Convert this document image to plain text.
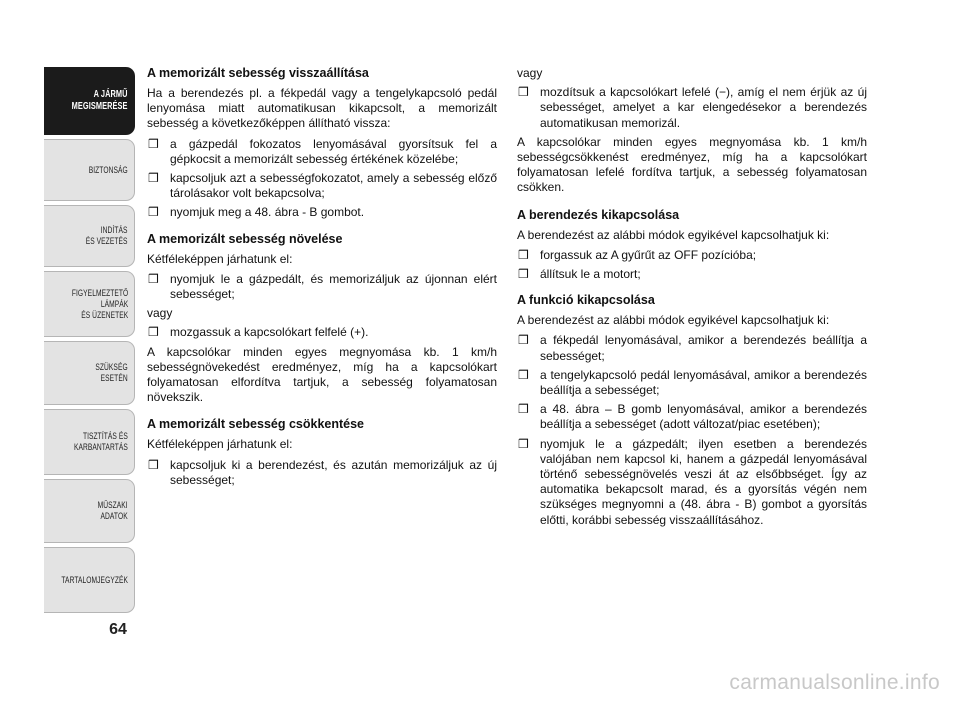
A JÁRMŰ
MEGISMERÉSE
BIZTONSÁG
INDÍTÁS
ÉS VEZETÉS
FIGYELMEZTETŐ
LÁMPÁK
ÉS ÜZENETEK
SZÜKSÉG
ESETÉN
TISZTÍTÁS ÉS
KARBANTARTÁS
MŰSZAKI
ADATOK
TARTALOMJEGYZÉK
64
A memorizált sebesség visszaállítása

Ha a berendezés pl. a fékpedál vagy a tengelykapcsoló pedál lenyomása miatt automatikusan kikapcsolt, a memorizált sebesség a következőképpen állítható vissza:

❒ a gázpedál fokozatos lenyomásával gyorsítsuk fel a gépkocsit a memorizált sebesség értékének közelébe;
❒ kapcsoljuk azt a sebességfokozatot, amely a sebesség előző tárolásakor volt bekapcsolva;
❒ nyomjuk meg a 48. ábra - B gombot.
A memorizált sebesség növelése

Kétféleképpen járhatunk el:

❒ nyomjuk le a gázpedált, és memorizáljuk az újonnan elért sebességet;

vagy

❒ mozgassuk a kapcsolókart felfelé (+).

A kapcsolókar minden egyes megnyomása kb. 1 km/h sebességnövekedést eredményez, míg ha a kapcsolókart folyamatosan elfordítva tartjuk, a sebesség folyamatosan növekszik.

A memorizált sebesség csökkentése

Kétféleképpen járhatunk el:

❒ kapcsoljuk ki a berendezést, és azután memorizáljuk az új sebességet;

vagy

❒ mozdítsuk a kapcsolókart lefelé (−), amíg el nem érjük az új sebességet, amelyet a kar elengedésekor a berendezés automatikusan memorizál.

A kapcsolókar minden egyes megnyomása kb. 1 km/h sebességcsökkenést eredményez, míg ha a kapcsolókart folyamatosan lefelé fordítva tartjuk, a sebesség folyamatosan csökken.

A berendezés kikapcsolása

A berendezést az alábbi módok egyikével kapcsolhatjuk ki:

❒ forgassuk az A gyűrűt az OFF pozícióba;
❒ állítsuk le a motort;
A funkció kikapcsolása

A berendezést az alábbi módok egyikével kapcsolhatjuk ki:

❒ a fékpedál lenyomásával, amikor a berendezés beállítja a sebességet;
❒ a tengelykapcsoló pedál lenyomásával, amikor a berendezés beállítja a sebességet;
❒ a 48. ábra – B gomb lenyomásával, amikor a berendezés beállítja a sebességet (adott változat/piac esetében);
❒ nyomjuk le a gázpedált; ilyen esetben a berendezés valójában nem kapcsol ki, hanem a gázpedál lenyomásával történő sebességnövelés veszi át az elsőbbséget. Így az automatika bekapcsolt marad, és a gyorsítás végén nem szükséges megnyomni a (48. ábra - B) gombot a gyorsítás előtti, korábbi sebesség visszaállításához.
carmanualsonline.info
